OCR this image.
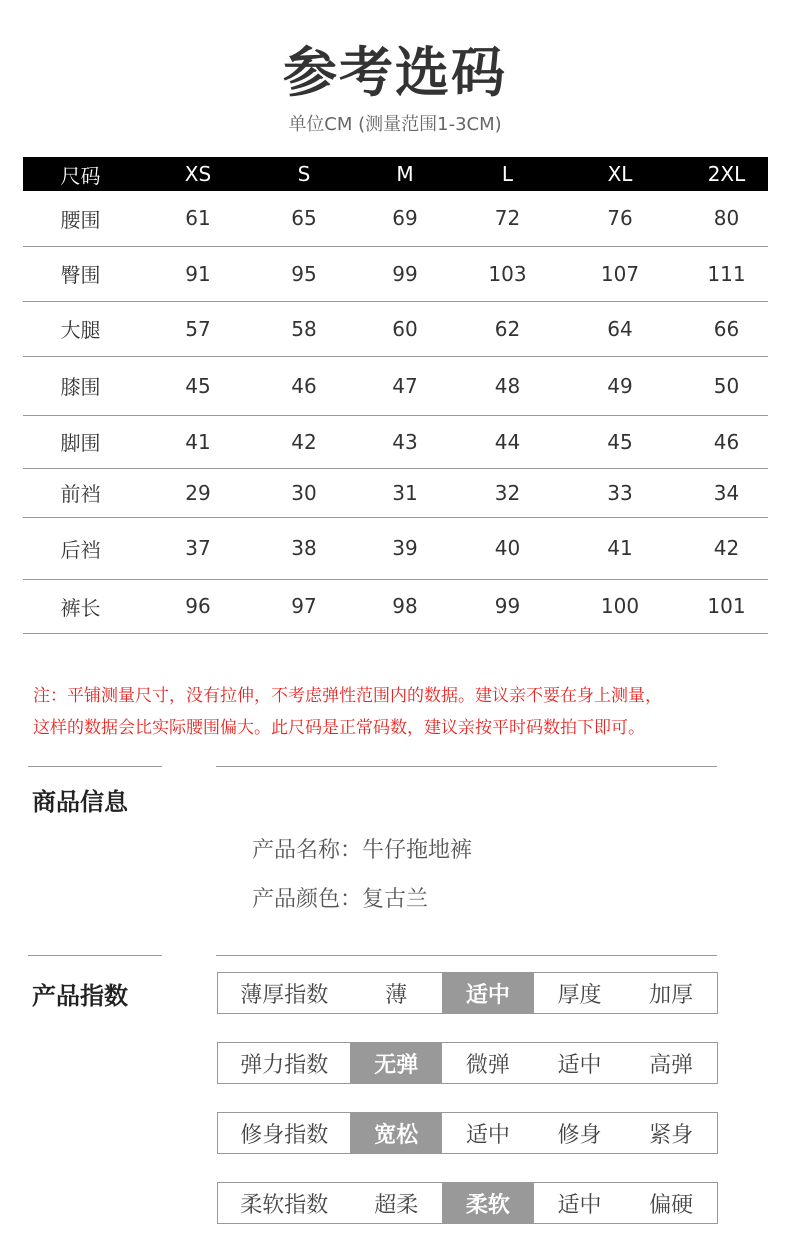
参考选码
单位CM (测量范围1-3CM)
尺码	XS	S	M	L	XL	2XL
腰围	61	65	69	72	76	80
臀围	91	95	99	103	107	111
大腿	57	58	60	62	64	66
膝围	45	46	47	48	49	50
脚围	41	42	43	44	45	46
前裆	29	30	31	32	33	34
后裆	37	38	39	40	41	42
裤长	96	97	98	99	100	101
注：平铺测量尺寸，没有拉伸，不考虑弹性范围内的数据。建议亲不要在身上测量，
这样的数据会比实际腰围偏大。此尺码是正常码数，建议亲按平时码数拍下即可。
商品信息
产品名称：牛仔拖地裤
产品颜色：复古兰
产品指数	薄厚指数	薄	适中	厚度	加厚
弹力指数	无弹	微弹	适中	高弹
修身指数	宽松	适中	修身	紧身
柔软指数	超柔	柔软	适中	偏硬
